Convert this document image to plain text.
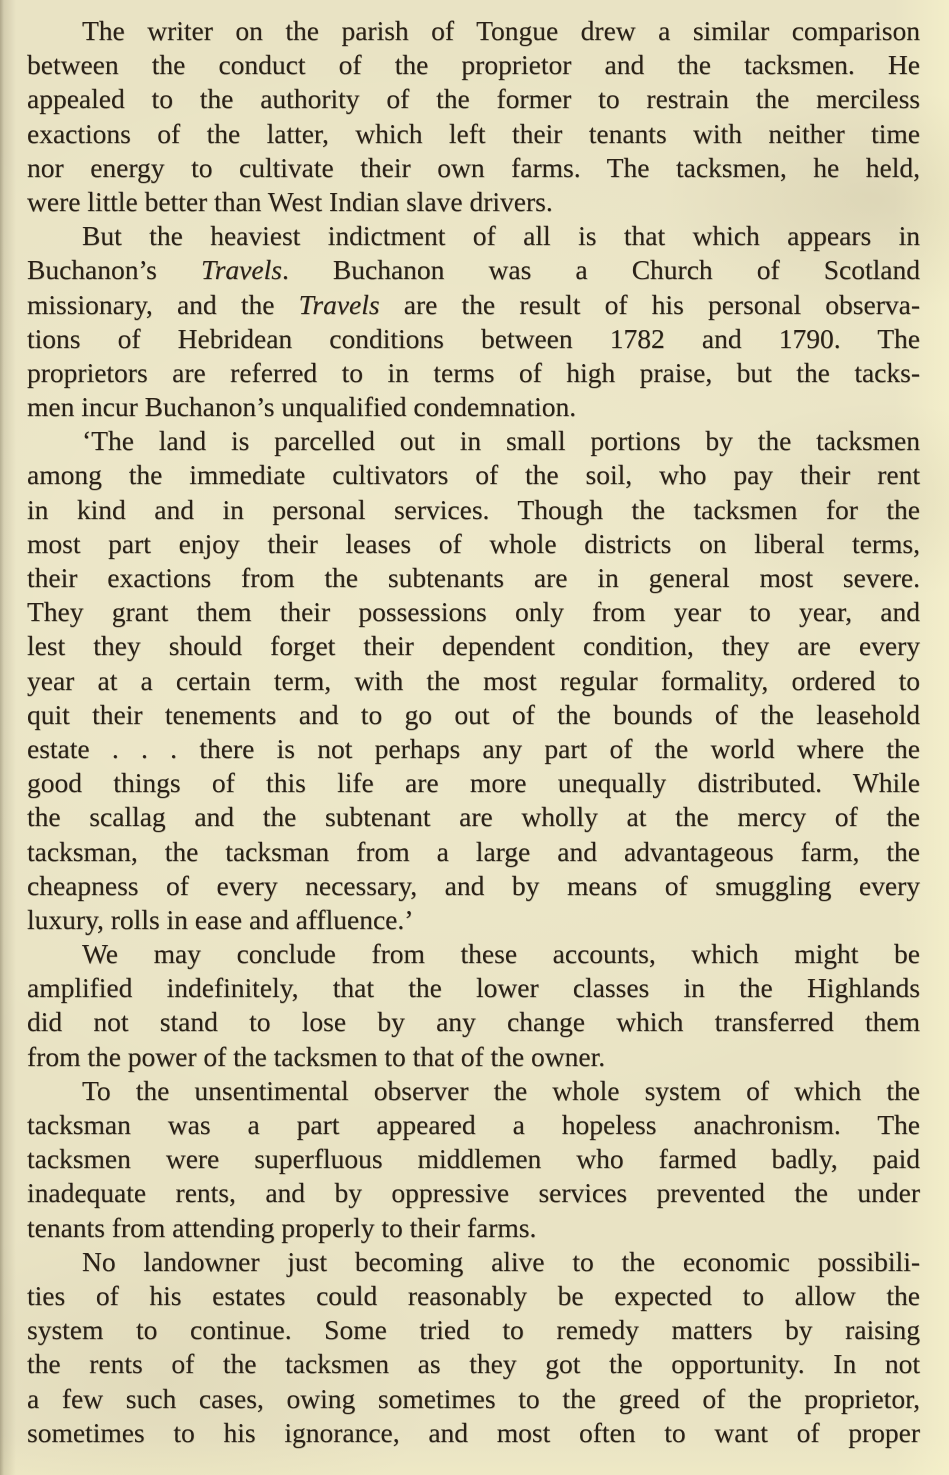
The writer on the parish of Tongue drew a similar comparison
between the conduct of the proprietor and the tacksmen. He
appealed to the authority of the former to restrain the merciless
exactions of the latter, which left their tenants with neither time
nor energy to cultivate their own farms. The tacksmen, he held,
were little better than West Indian slave drivers.
But the heaviest indictment of all is that which appears in
Buchanon’s Travels. Buchanon was a Church of Scotland
missionary, and the Travels are the result of his personal observa-
tions of Hebridean conditions between 1782 and 1790. The
proprietors are referred to in terms of high praise, but the tacks-
men incur Buchanon’s unqualified condemnation.
‘The land is parcelled out in small portions by the tacksmen
among the immediate cultivators of the soil, who pay their rent
in kind and in personal services. Though the tacksmen for the
most part enjoy their leases of whole districts on liberal terms,
their exactions from the subtenants are in general most severe.
They grant them their possessions only from year to year, and
lest they should forget their dependent condition, they are every
year at a certain term, with the most regular formality, ordered to
quit their tenements and to go out of the bounds of the leasehold
estate . . . there is not perhaps any part of the world where the
good things of this life are more unequally distributed. While
the scallag and the subtenant are wholly at the mercy of the
tacksman, the tacksman from a large and advantageous farm, the
cheapness of every necessary, and by means of smuggling every
luxury, rolls in ease and affluence.’
We may conclude from these accounts, which might be
amplified indefinitely, that the lower classes in the Highlands
did not stand to lose by any change which transferred them
from the power of the tacksmen to that of the owner.
To the unsentimental observer the whole system of which the
tacksman was a part appeared a hopeless anachronism. The
tacksmen were superfluous middlemen who farmed badly, paid
inadequate rents, and by oppressive services prevented the under
tenants from attending properly to their farms.
No landowner just becoming alive to the economic possibili-
ties of his estates could reasonably be expected to allow the
system to continue. Some tried to remedy matters by raising
the rents of the tacksmen as they got the opportunity. In not
a few such cases, owing sometimes to the greed of the proprietor,
sometimes to his ignorance, and most often to want of proper
